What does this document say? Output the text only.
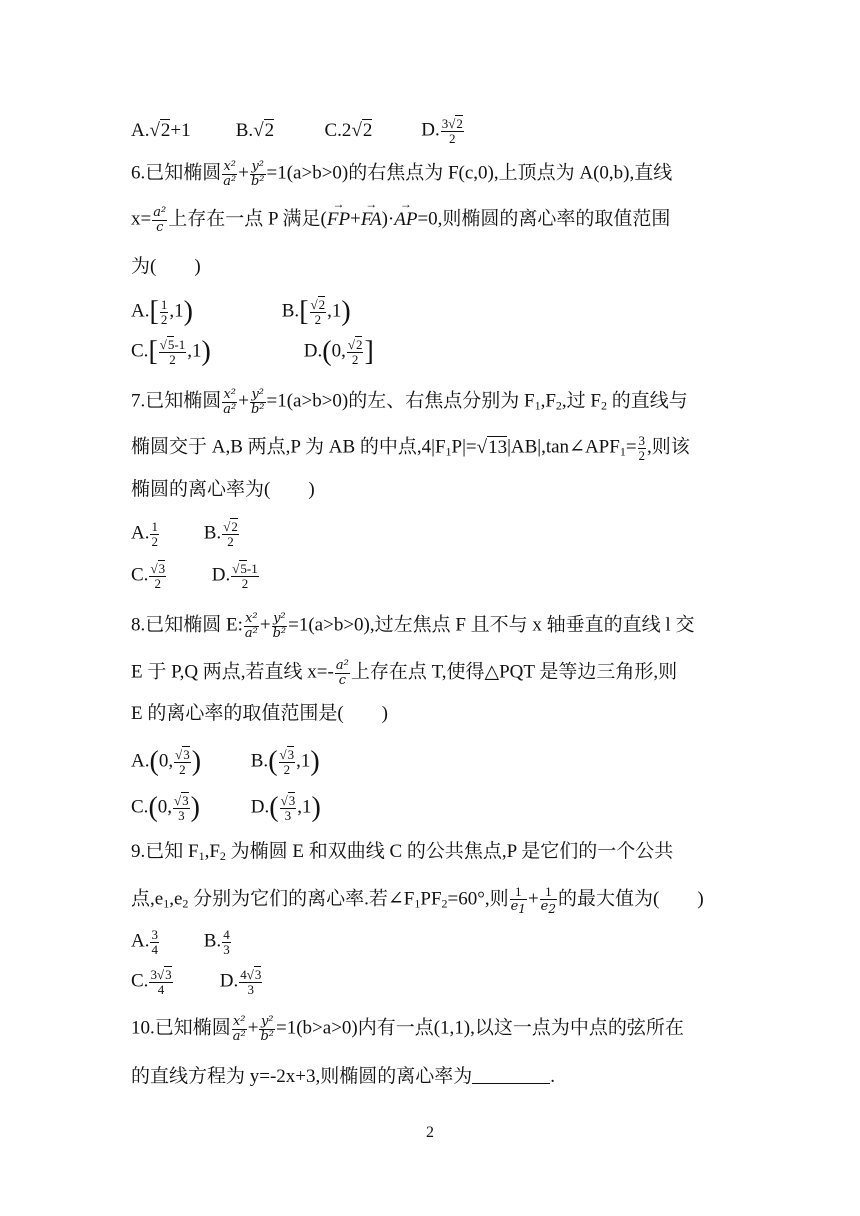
A.√2+1 B.√2	C.2√2	D. $\frac{3√2}{2}$
6.已知椭圆 $\frac{\text{x²}}{\text{a²}} + \frac{\text{y²}}{\text{b²}} =1(a>b>0)$的右焦点为 F(c,0),上顶点为 A(0,b),直线
$x= \frac{\text{a²}}{c}$ 上存在一点 P 满足(→ FP+→ FA)·→ AP=0,则椭圆的离心率的取值范围
为(　　)
$A.[ \frac{1}{2} ,1)$	$B.[ \frac{√2}{2} ,1)$
$C.[ \frac{√5-1}{2} ,1)$	D.(0, $\frac{√2}{2}$ ]
7.已知椭圆 $\frac{\text{x²}}{\text{a²}} + \frac{\text{y²}}{\text{b²}} =1(a>b>0)$的左、右焦点分别为 $F_1,F_2$,过 $F_2$ 的直线与
椭圆交于 A,B 两点,P 为 AB 的中点$,4|F_1P|=√13|AB|,\tan\angle APF_1= \frac{3}{2}$ ,则该
椭圆的离心率为(　　)
A. $\frac{1}{2} B$. $\frac{√2}{2}$
C. $\frac{√3}{2} D$. $\frac{√5-1}{2}$
8.已知椭圆 E: $\frac{\text{x²}}{\text{a²}} + \frac{\text{y²}}{\text{b²}} =1(a>b>0)$,过左焦点 F 且不与 x 轴垂直的直线 l 交
E 于 P,Q 两点,若直线 $x=- \frac{\text{a²}}{c}$ 上存在点 T,使得△PQT 是等边三角形,则
E 的离心率的取值范围是(　　)
A.(0, $\frac{√3}{2}$ )	$B.( \frac{√3}{2} ,1)$
C.(0, $\frac{√3}{3}$ )	$D.( \frac{√3}{3} ,1)$
9.已知 $F_1,F_2$ 为椭圆 E 和双曲线 C 的公共焦点,P 是它们的一个公共
点$,e_1,e_2$ 分别为它们的离心率.若$\angle F_1PF_2=60^\circ$,则 $\frac{1}{e_1} + \frac{1}{e_2}$ 的最大值为(　　)
A. $\frac{3}{4} B$. $\frac{4}{3}$
C. $\frac{3√3}{4} D$. $\frac{4√3}{3}$
10.已知椭圆 $\frac{\text{x²}}{\text{a²}} + \frac{\text{y²}}{\text{b²}} =1(b>a>0)$内有一点(1,1),以这一点为中点的弦所在
的直线方程为 y=-2x+3,则椭圆的离心率为	.
2
